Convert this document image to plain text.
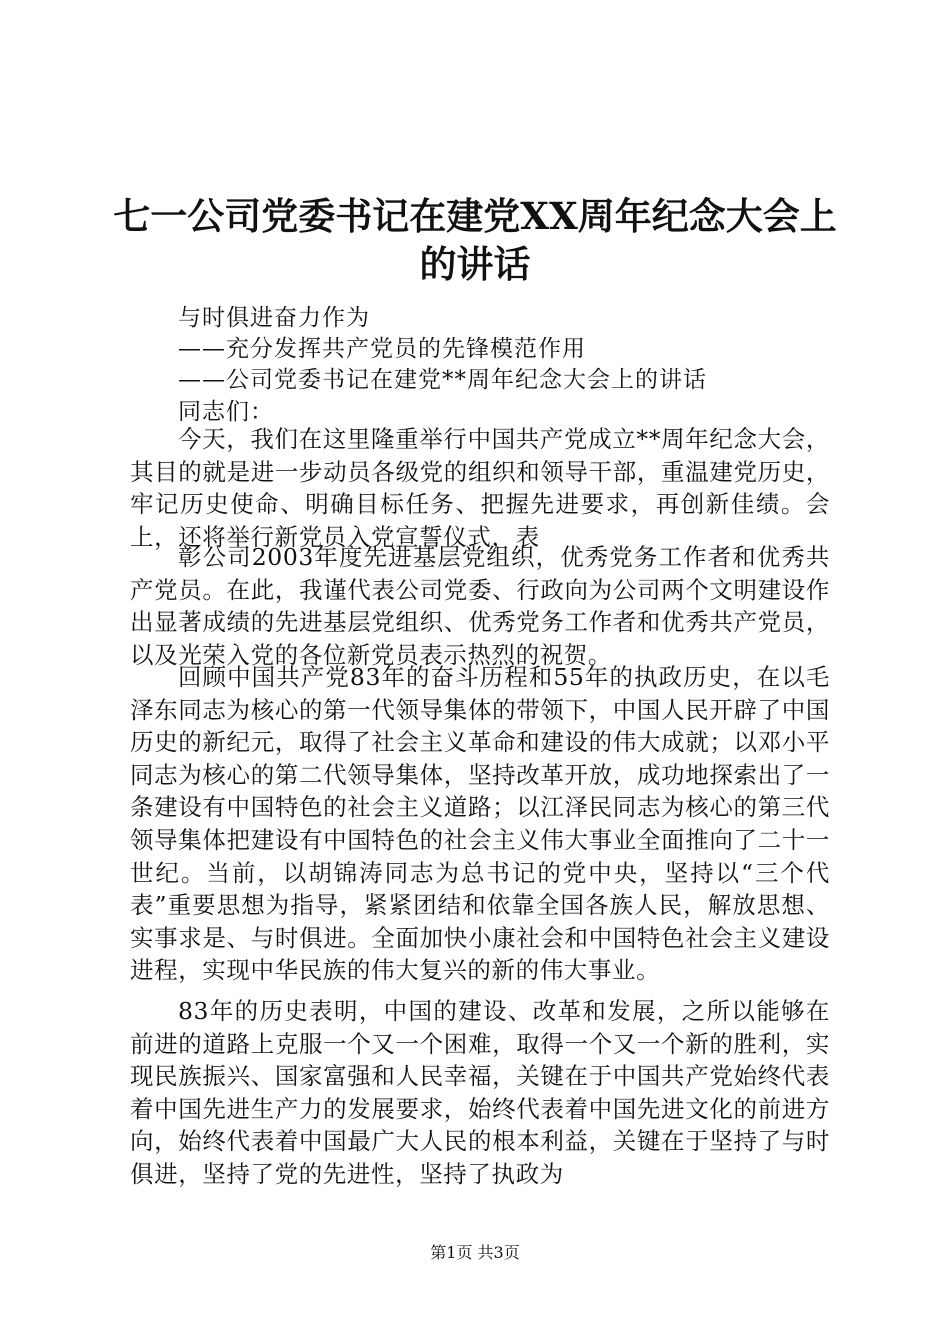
七一公司党委书记在建党XX周年纪念大会上
的讲话
与时俱进奋力作为
——充分发挥共产党员的先锋模范作用
——公司党委书记在建党**周年纪念大会上的讲话
同志们：
今天，我们在这里隆重举行中国共产党成立**周年纪念大会，其目的就是进一步动员各级党的组织和领导干部，重温建党历史，牢记历史使命、明确目标任务、把握先进要求，再创新佳绩。会上，还将举行新党员入党宣誓仪式，表
彰公司2003年度先进基层党组织，优秀党务工作者和优秀共产党员。在此，我谨代表公司党委、行政向为公司两个文明建设作出显著成绩的先进基层党组织、优秀党务工作者和优秀共产党员，以及光荣入党的各位新党员表示热烈的祝贺。
回顾中国共产党83年的奋斗历程和55年的执政历史，在以毛泽东同志为核心的第一代领导集体的带领下，中国人民开辟了中国历史的新纪元，取得了社会主义革命和建设的伟大成就；以邓小平同志为核心的第二代领导集体，坚持改革开放，成功地探索出了一条建设有中国特色的社会主义道路；以江泽民同志为核心的第三代领导集体把建设有中国特色的社会主义伟大事业全面推向了二十一世纪。当前，以胡锦涛同志为总书记的党中央，坚持以“三个代表”重要思想为指导，紧紧团结和依靠全国各族人民，解放思想、实事求是、与时俱进。全面加快小康社会和中国特色社会主义建设进程，实现中华民族的伟大复兴的新的伟大事业。
83年的历史表明，中国的建设、改革和发展，之所以能够在前进的道路上克服一个又一个困难，取得一个又一个新的胜利，实现民族振兴、国家富强和人民幸福，关键在于中国共产党始终代表着中国先进生产力的发展要求，始终代表着中国先进文化的前进方向，始终代表着中国最广大人民的根本利益，关键在于坚持了与时俱进，坚持了党的先进性，坚持了执政为
第1页 共3页
